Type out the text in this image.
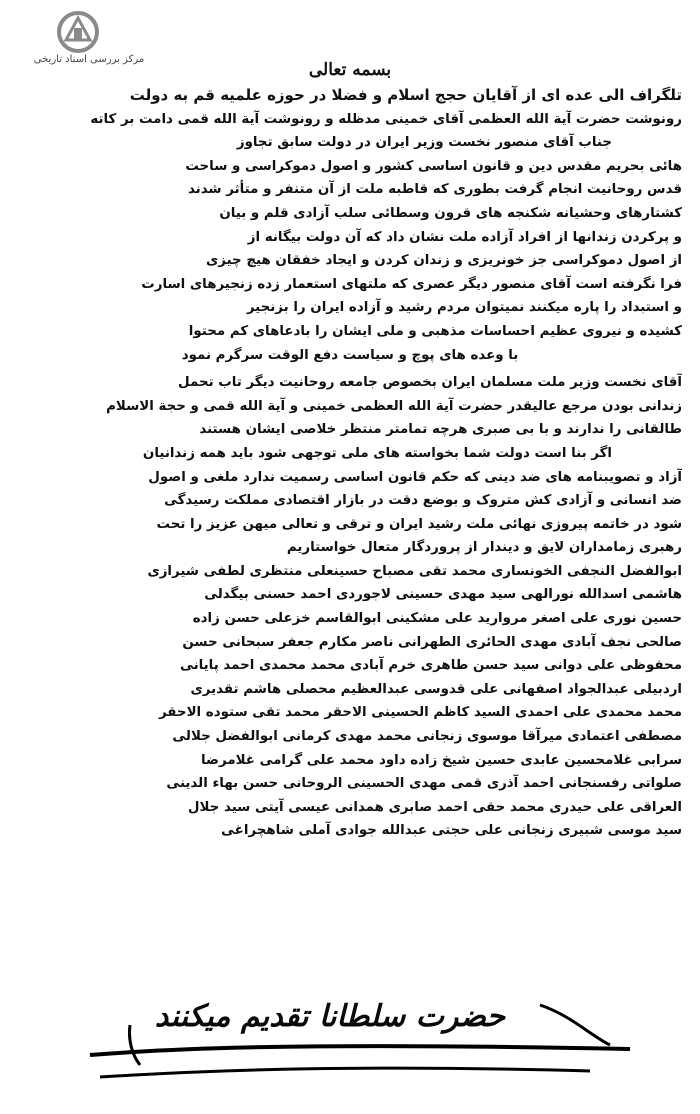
مرکز بررسی اسناد تاریخی
بسمه تعالی
تلگراف الی عده ای از آقایان حجج اسلام و فضلا در حوزه علمیه قم به دولت
رونوشت حضرت آیة الله العظمی آقای خمینی مدظله و رونوشت آیة الله قمی دامت بر کاته
جناب آقای منصور نخست وزیر ایران در دولت سابق تجاوز
هائی بحریم مقدس دین و قانون اساسی کشور و اصول دموکراسی و ساحت
قدس روحانیت انجام گرفت بطوری که قاطبه ملت از آن متنفر و متأثر شدند
کشتارهای وحشیانه شکنجه های قرون وسطائی سلب آزادی قلم و بیان
و پرکردن زندانها از افراد آزاده ملت نشان داد که آن دولت بیگانه از
از اصول دموکراسی جز خونریزی و زندان کردن و ایجاد خفقان هیچ چیزی
فرا نگرفته است آقای منصور دیگر عصری که ملتهای استعمار زده زنجیرهای اسارت
و استبداد را پاره میکنند نمیتوان مردم رشید و آزاده ایران را بزنجیر
کشیده و نیروی عظیم احساسات مذهبی و ملی ایشان را بادعاهای کم محتوا
با وعده های پوچ و سیاست دفع الوقت سرگرم نمود
آقای نخست وزیر ملت مسلمان ایران بخصوص جامعه روحانیت دیگر تاب تحمل
زندانی بودن مرجع عالیقدر حضرت آیة الله العظمی خمینی و آیة الله قمی و حجة الاسلام
طالقانی را ندارند و با بی صبری هرچه تمامتر منتظر خلاصی ایشان هستند
اگر بنا است دولت شما بخواسته های ملی توجهی شود باید همه زندانیان
آزاد و تصویبنامه های ضد دینی که حکم قانون اساسی رسمیت ندارد ملغی و اصول
ضد انسانی و آزادی کش متروک و بوضع دقت در بازار اقتصادی مملکت رسیدگی
شود در خاتمه پیروزی نهائی ملت رشید ایران و ترقی و تعالی میهن عزیز را تحت
رهبری زمامداران لایق و دیندار از پروردگار متعال خواستاریم
ابوالفضل النجفی الخونساری محمد تقی مصباح حسینعلی منتظری لطفی شیرازی
هاشمی اسدالله نورالهی سید مهدی حسینی لاجوردی احمد حسنی بیگدلی
حسین نوری علی اصغر مروارید علی مشکینی ابوالقاسم خزعلی حسن زاده
صالحی نجف آبادی مهدی الحائری الطهرانی ناصر مکارم جعفر سبحانی حسن
محفوظی علی دوانی سید حسن طاهری خرم آبادی محمد محمدی احمد پایانی
اردبیلی عبدالجواد اصفهانی علی قدوسی عبدالعظیم محصلی هاشم تقدیری
محمد محمدی علی احمدی السید کاظم الحسینی الاحقر محمد تقی ستوده الاحقر
مصطفی اعتمادی میرآقا موسوی زنجانی محمد مهدی کرمانی ابوالفضل جلالی
سرابی غلامحسین عابدی حسین شیخ زاده داود محمد علی گرامی غلامرضا
صلواتی رفسنجانی احمد آذری قمی مهدی الحسینی الروحانی حسن بهاء الدینی
العراقی علی حیدری محمد حقی احمد صابری همدانی عیسی آیتی سید جلال
سید موسی شبیری زنجانی علی حجتی عبدالله جوادی آملی شاهچراغی
حضرت سلطانا تقدیم میکنند
